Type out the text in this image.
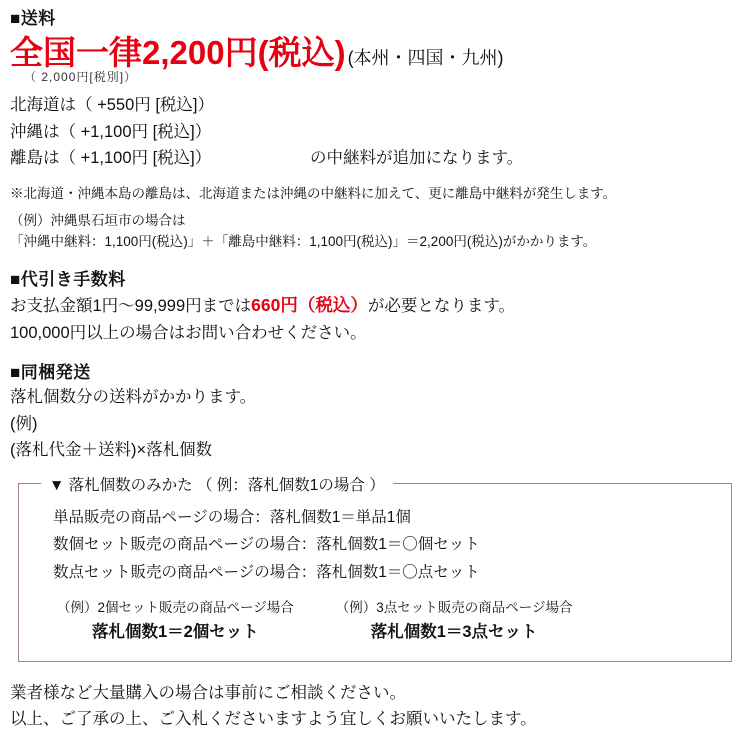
■送料
全国一律2,200円(税込) (本州・四国・九州)
（ 2,000円[税別]）
北海道は（ +550円 [税込]）
沖縄は（ +1,100円 [税込]）
離島は（ +1,100円 [税込]）	の中継料が追加になります。
※北海道・沖縄本島の離島は、北海道または沖縄の中継料に加えて、更に離島中継料が発生します。
（例）沖縄県石垣市の場合は
「沖縄中継料：1,100円(税込)」＋「離島中継料：1,100円(税込)」＝2,200円(税込)がかかります。
■代引き手数料
お支払金額1円～99,999円までは660円（税込）が必要となります。
100,000円以上の場合はお問い合わせください。
■同梱発送
落札個数分の送料がかかります。
(例)
(落札代金＋送料)×落札個数
▼ 落札個数のみかた （ 例：落札個数1の場合 ）
単品販売の商品ページの場合：落札個数1＝単品1個
数個セット販売の商品ページの場合：落札個数1＝〇個セット
数点セット販売の商品ページの場合：落札個数1＝〇点セット
（例）2個セット販売の商品ページ場合
落札個数1＝2個セット
（例）3点セット販売の商品ページ場合
落札個数1＝3点セット
業者様など大量購入の場合は事前にご相談ください。
以上、ご了承の上、ご入札くださいますよう宜しくお願いいたします。
